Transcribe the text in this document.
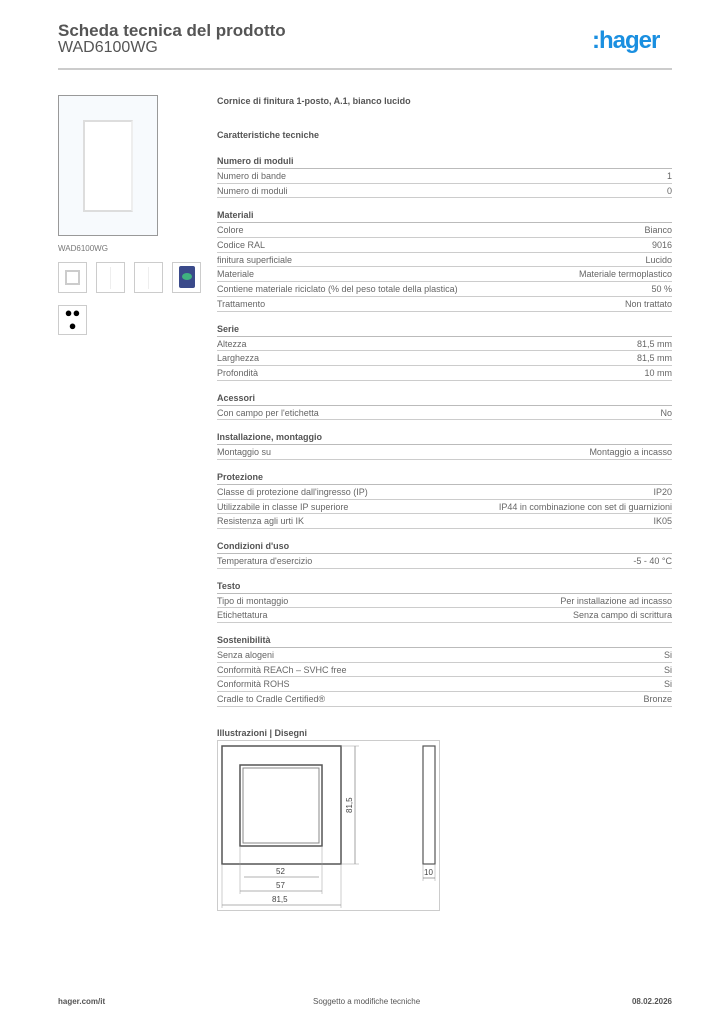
Scheda tecnica del prodotto
WAD6100WG	:hager
WAD6100WG
●●
●
Cornice di finitura 1-posto, A.1, bianco lucido
Caratteristiche tecniche
Numero di moduli
Numero di bande	1
Numero di moduli	0
Materiali
Colore	Bianco
Codice RAL	9016
finitura superficiale	Lucido
Materiale	Materiale termoplastico
Contiene materiale riciclato (% del peso totale della plastica)	50 %
Trattamento	Non trattato
Serie
Altezza	81,5 mm
Larghezza	81,5 mm
Profondità	10 mm
Acessori
Con campo per l'etichetta	No
Installazione, montaggio
Montaggio su	Montaggio a incasso
Protezione
Classe di protezione dall'ingresso (IP)	IP20
Utilizzabile in classe IP superiore	IP44 in combinazione con set di guarnizioni
Resistenza agli urti IK	IK05
Condizioni d'uso
Temperatura d'esercizio	-5 - 40 °C
Testo
Tipo di montaggio	Per installazione ad incasso
Etichettatura	Senza campo di scrittura
Sostenibilità
Senza alogeni	Si
Conformità REACh – SVHC free	Si
Conformità ROHS	Si
Cradle to Cradle Certified®	Bronze
Illustrazioni | Disegni
81,5
52
57
81,5
10
hager.com/it	Soggetto a modifiche tecniche	08.02.2026
